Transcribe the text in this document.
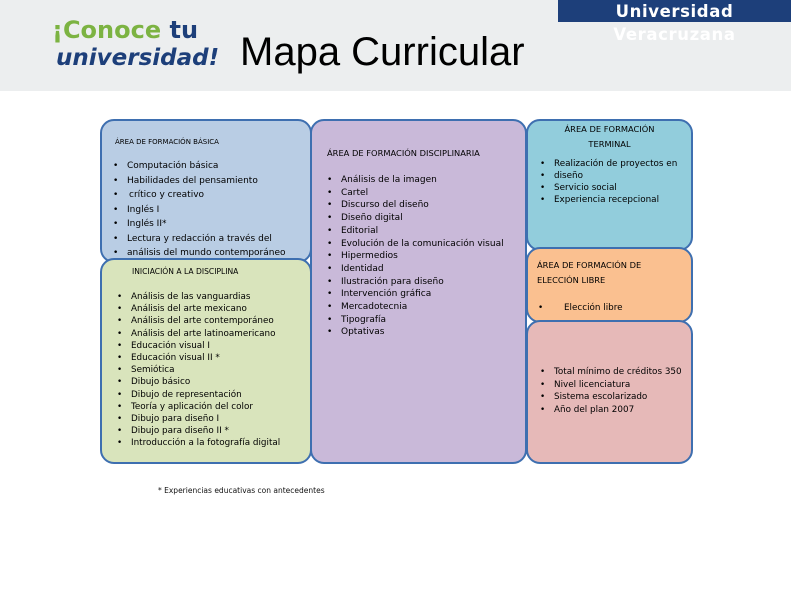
Universidad Veracruzana
¡Conoce tu
universidad! Mapa Curricular
ÁREA DE FORMACIÓN BÁSICA
• Computación básica
• Habilidades del pensamiento
• crítico y creativo
• Inglés I
• Inglés II*
• Lectura y redacción a través del
• análisis del mundo contemporáneo
INICIACIÓN A LA DISCIPLINA
• Análisis de las vanguardias
• Análisis del arte mexicano
• Análisis del arte contemporáneo
• Análisis del arte latinoamericano
• Educación visual I
• Educación visual II *
• Semiótica
• Dibujo básico
• Dibujo de representación
• Teoría y aplicación del color
• Dibujo para diseño I
• Dibujo para diseño II *
• Introducción a la fotografía digital
ÁREA DE FORMACIÓN DISCIPLINARIA
• Análisis de la imagen
• Cartel
• Discurso del diseño
• Diseño digital
• Editorial
• Evolución de la comunicación visual
• Hipermedios
• Identidad
• Ilustración para diseño
• Intervención gráfica
• Mercadotecnia
• Tipografía
• Optativas
ÁREA DE FORMACIÓN
TERMINAL
• Realización de proyectos en
• diseño
• Servicio social
• Experiencia recepcional
ÁREA DE FORMACIÓN DE
ELECCIÓN LIBRE
• Elección libre
• Total mínimo de créditos 350
• Nivel licenciatura
• Sistema escolarizado
• Año del plan 2007
* Experiencias educativas con antecedentes
